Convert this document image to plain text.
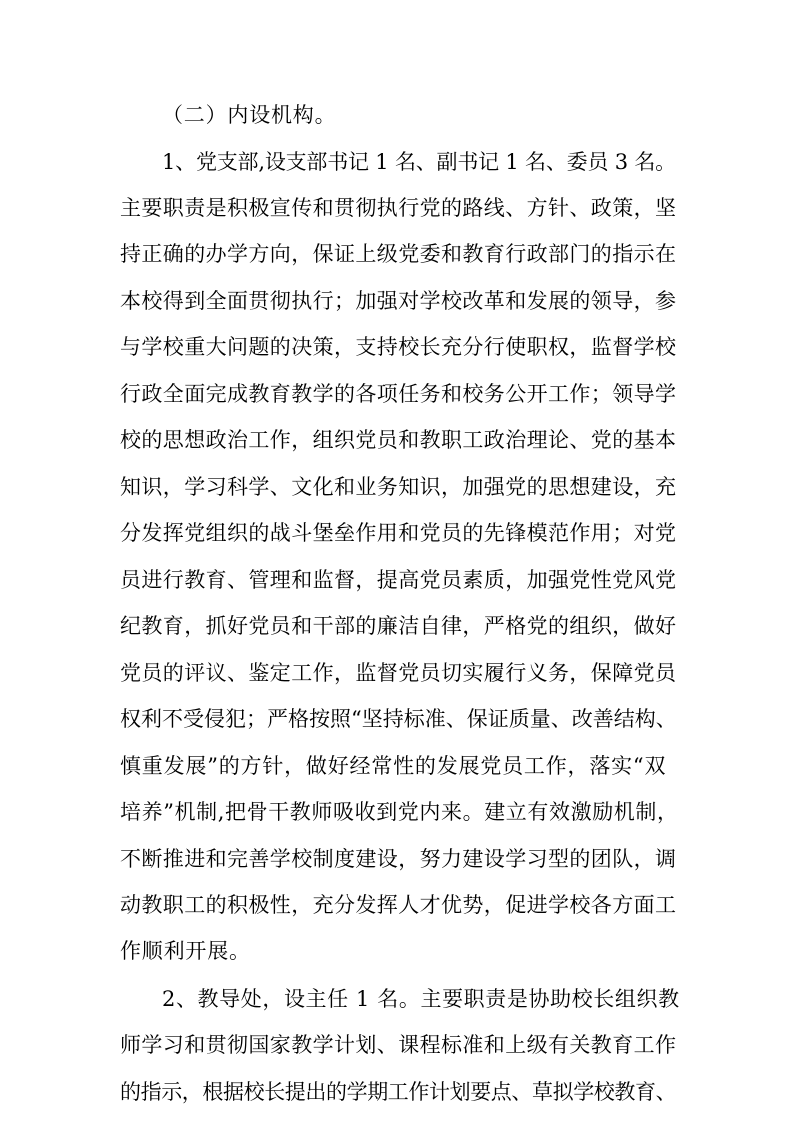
（二）内设机构。
1、党支部,设支部书记 1 名、副书记 1 名、委员 3 名。
主要职责是积极宣传和贯彻执行党的路线、方针、政策，坚
持正确的办学方向，保证上级党委和教育行政部门的指示在
本校得到全面贯彻执行；加强对学校改革和发展的领导，参
与学校重大问题的决策，支持校长充分行使职权，监督学校
行政全面完成教育教学的各项任务和校务公开工作；领导学
校的思想政治工作，组织党员和教职工政治理论、党的基本
知识，学习科学、文化和业务知识，加强党的思想建设，充
分发挥党组织的战斗堡垒作用和党员的先锋模范作用；对党
员进行教育、管理和监督，提高党员素质，加强党性党风党
纪教育，抓好党员和干部的廉洁自律，严格党的组织，做好
党员的评议、鉴定工作，监督党员切实履行义务，保障党员
权利不受侵犯；严格按照“坚持标准、保证质量、改善结构、
慎重发展”的方针，做好经常性的发展党员工作，落实“双
培养”机制,把骨干教师吸收到党内来。建立有效激励机制，
不断推进和完善学校制度建设，努力建设学习型的团队，调
动教职工的积极性，充分发挥人才优势，促进学校各方面工
作顺利开展。
2、教导处，设主任 1 名。主要职责是协助校长组织教
师学习和贯彻国家教学计划、课程标准和上级有关教育工作
的指示，根据校长提出的学期工作计划要点、草拟学校教育、
